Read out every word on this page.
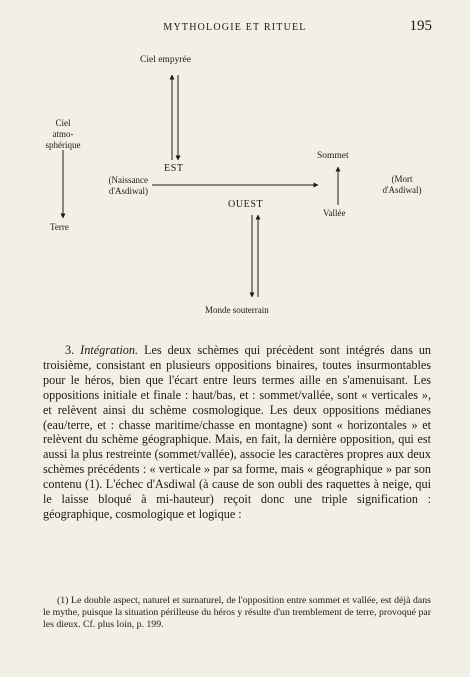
MYTHOLOGIE ET RITUEL	195
Ciel empyrée
Ciel
atmo-
sphérique
Terre
(Naissance
d'Asdiwal)
EST
OUEST
Sommet
Vallée
(Mort
d'Asdiwal)
Monde souterrain

3. Intégration. Les deux schèmes qui précèdent sont intégrés dans un troisième, consistant en plusieurs oppositions binaires, toutes insurmontables pour le héros, bien que l'écart entre leurs termes aille en s'amenuisant. Les oppositions initiale et finale : haut/bas, et : sommet/vallée, sont « verticales », et relèvent ainsi du schème cosmologique. Les deux oppositions médianes (eau/terre, et : chasse maritime/chasse en montagne) sont « horizontales » et relèvent du schème géographique. Mais, en fait, la dernière opposition, qui est aussi la plus restreinte (sommet/vallée), associe les caractères propres aux deux schèmes précédents : « verticale » par sa forme, mais « géographique » par son contenu (1). L'échec d'Asdiwal (à cause de son oubli des raquettes à neige, qui le laisse bloqué à mi-hauteur) reçoit donc une triple signification : géographique, cosmologique et logique :

(1) Le double aspect, naturel et surnaturel, de l'opposition entre sommet et vallée, est déjà dans le mythe, puisque la situation périlleuse du héros y résulte d'un tremblement de terre, provoqué par les dieux. Cf. plus loin, p. 199.
